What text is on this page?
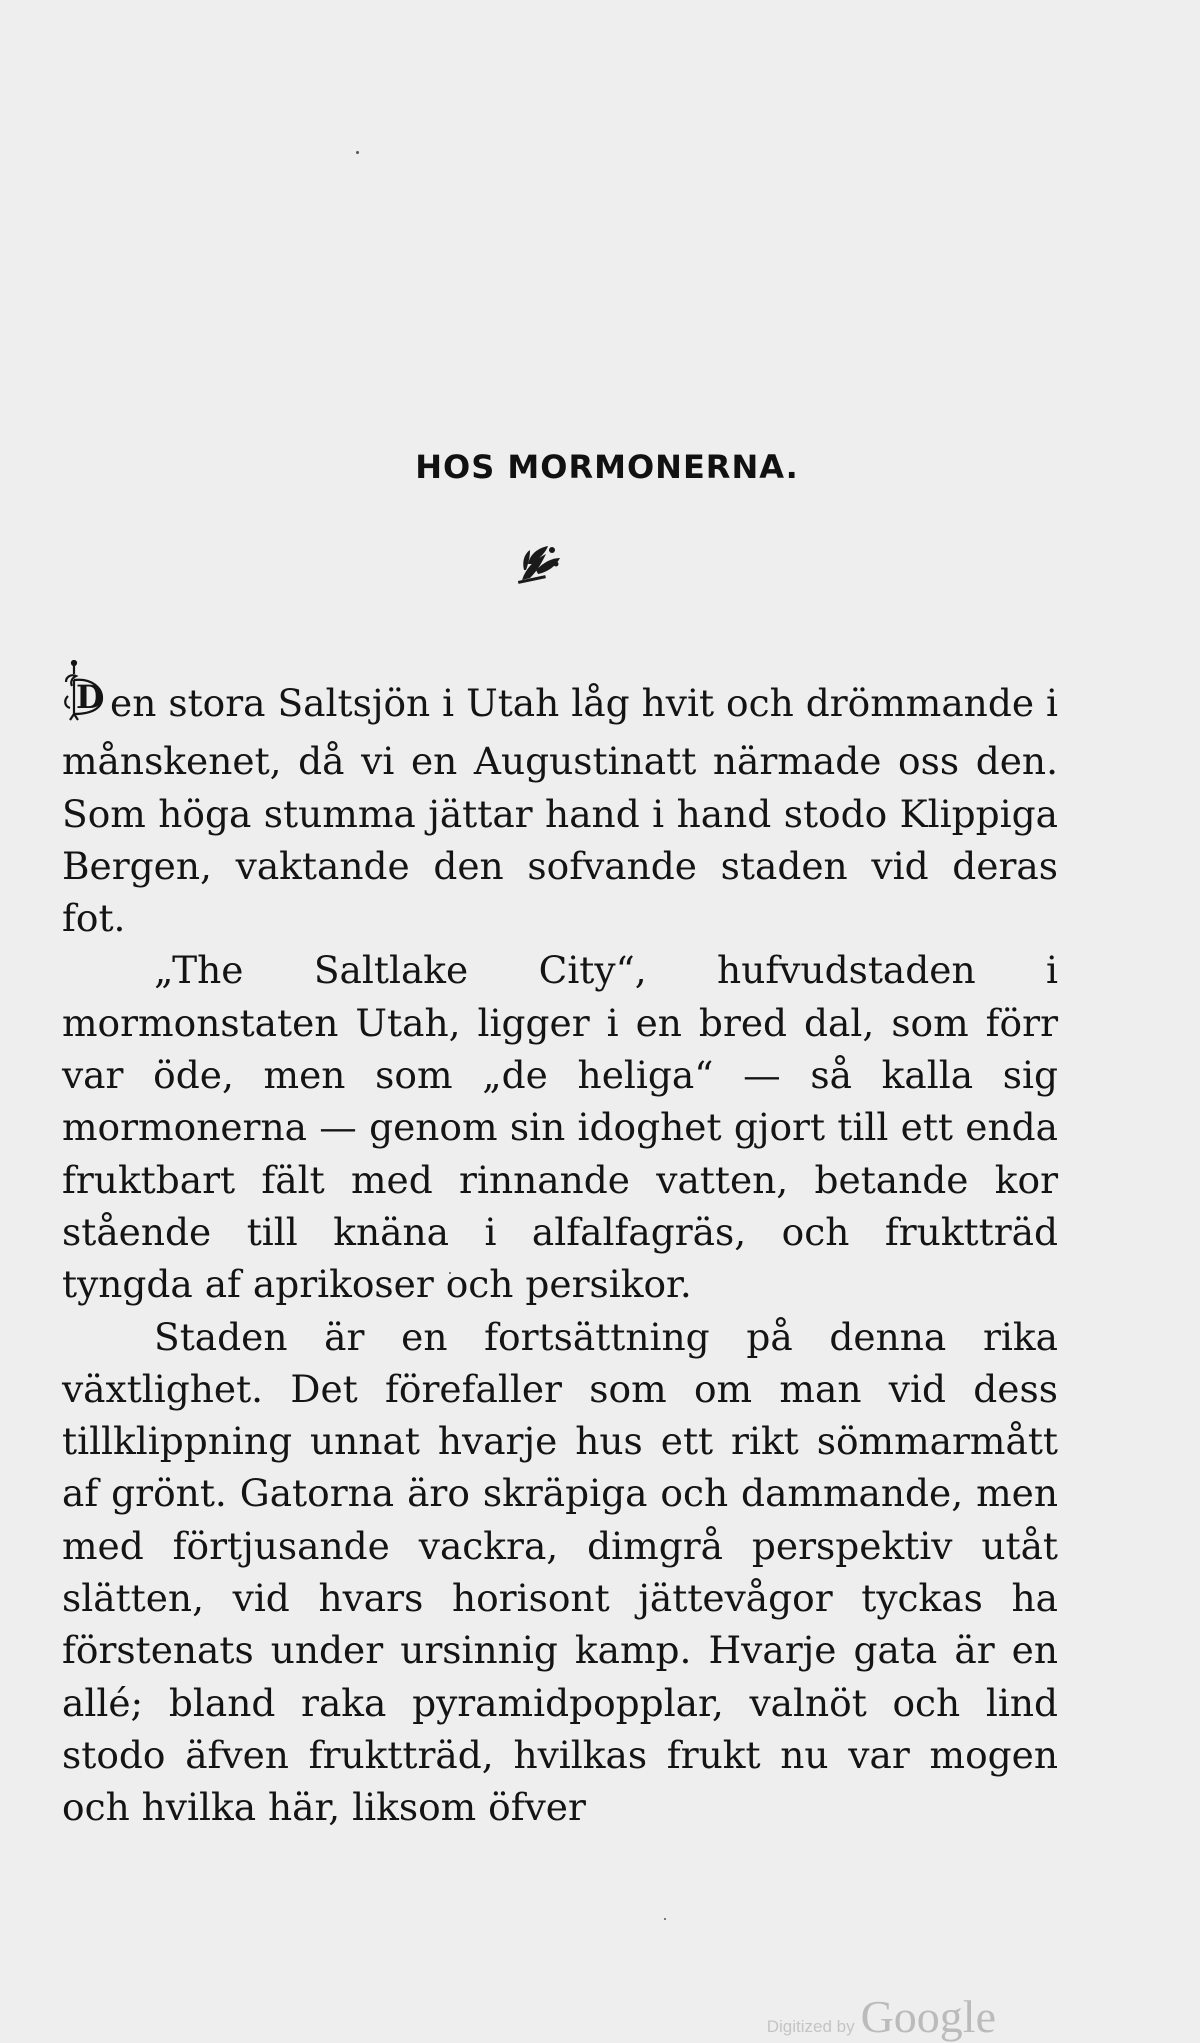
HOS MORMONERNA.

D en stora Saltsjön i Utah låg hvit och drömmande i månskenet, då vi en Augustinatt närmade oss den. Som höga stumma jättar hand i hand stodo Klippiga Bergen, vaktande den sofvande staden vid deras fot.

„The Saltlake City“, hufvudstaden i mormonstaten Utah, ligger i en bred dal, som förr var öde, men som „de heliga“ — så kalla sig mormonerna — genom sin idoghet gjort till ett enda fruktbart fält med rinnande vatten, betande kor stående till knäna i alfalfagräs, och fruktträd tyngda af aprikoser och persikor.

Staden är en fortsättning på denna rika växtlighet. Det förefaller som om man vid dess tillklippning unnat hvarje hus ett rikt sömmarmått af grönt. Gatorna äro skräpiga och dammande, men med förtjusande vackra, dimgrå perspektiv utåt slätten, vid hvars horisont jättevågor tyckas ha förstenats under ursinnig kamp. Hvarje gata är en allé; bland raka pyramidpopplar, valnöt och lind stodo äfven fruktträd, hvilkas frukt nu var mogen och hvilka här, liksom öfver

Digitized by Google
